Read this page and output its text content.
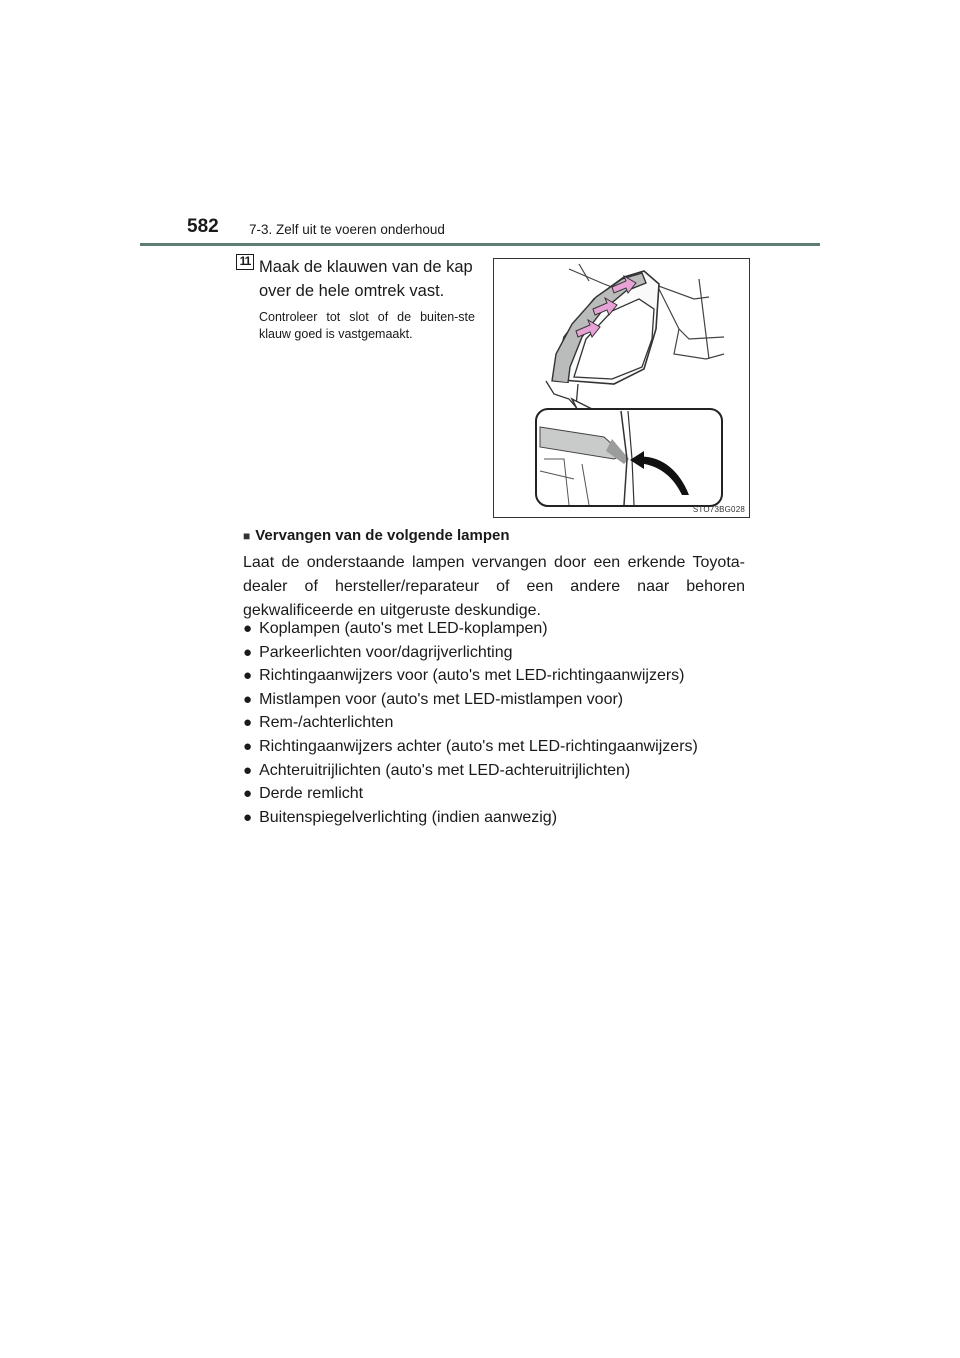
582 7-3. Zelf uit te voeren onderhoud
11 Maak de klauwen van de kap over de hele omtrek vast.
Controleer tot slot of de buiten-ste klauw goed is vastgemaakt.
STO73BG028
■ Vervangen van de volgende lampen
Laat de onderstaande lampen vervangen door een erkende Toyota-dealer of hersteller/reparateur of een andere naar behoren gekwalificeerde en uitgeruste deskundige.
● Koplampen (auto's met LED-koplampen)
● Parkeerlichten voor/dagrijverlichting
● Richtingaanwijzers voor (auto's met LED-richtingaanwijzers)
● Mistlampen voor (auto's met LED-mistlampen voor)
● Rem-/achterlichten
● Richtingaanwijzers achter (auto's met LED-richtingaanwijzers)
● Achteruitrijlichten (auto's met LED-achteruitrijlichten)
● Derde remlicht
● Buitenspiegelverlichting (indien aanwezig)
